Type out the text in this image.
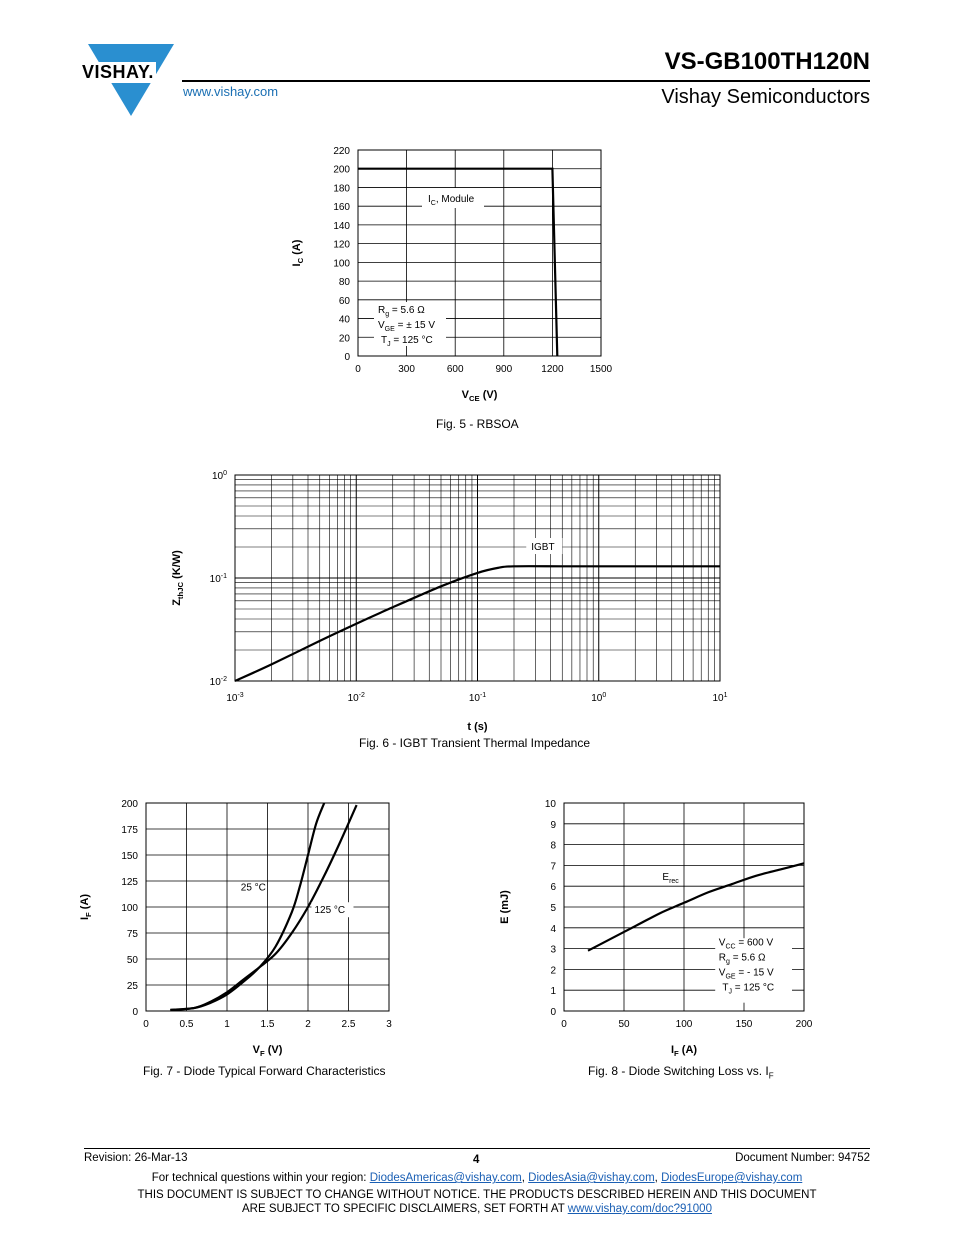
VISHAY.	VS-GB100TH120N
Vishay Semiconductors
www.vishay.com
0	300	600	900	1200	1500
0
20
40
60
80
100
120
140
160
180
200
220
$V_{CE}$ (V)
$I_C$ (A)
$I_C$, Module
$R_g = 5.6$ Ω
$V_{GE}$ = ± 15 V
$T_J = 125$ °C
Fig. 5 - RBSOA
$10^{-3}$	$10^{-2}$	$10^{-1}$	$10^0$	$10^1$
$10^{-2}$
$10^{-1}$
$10^0$
t (s)
$Z_{thJC}$ (K/W)
IGBT
Fig. 6 - IGBT Transient Thermal Impedance
0	0.5	1	1.5	2	2.5	3
0
25
50
75
100
125
150
175
200
$V_F$ (V)
$I_F$ (A)
25 °C
125 °C
Fig. 7 - Diode Typical Forward Characteristics
0	50	100	150	200
0
1
2
3
4
5
6
7
8
9
10
$I_F$ (A)
E (mJ)
$E_{rec}$
$V_{CC} = 600$ V
$R_g = 5.6$ Ω
$V_{GE}$ = - 15 V
$T_J = 125$ °C
Fig. 8 - Diode Switching Loss vs. $I_F$
Revision: 26-Mar-13	4	Document Number: 94752
For technical questions within your region: DiodesAmericas@vishay.com, DiodesAsia@vishay.com, DiodesEurope@vishay.com
THIS DOCUMENT IS SUBJECT TO CHANGE WITHOUT NOTICE. THE PRODUCTS DESCRIBED HEREIN AND THIS DOCUMENT
ARE SUBJECT TO SPECIFIC DISCLAIMERS, SET FORTH AT www.vishay.com/doc?91000
